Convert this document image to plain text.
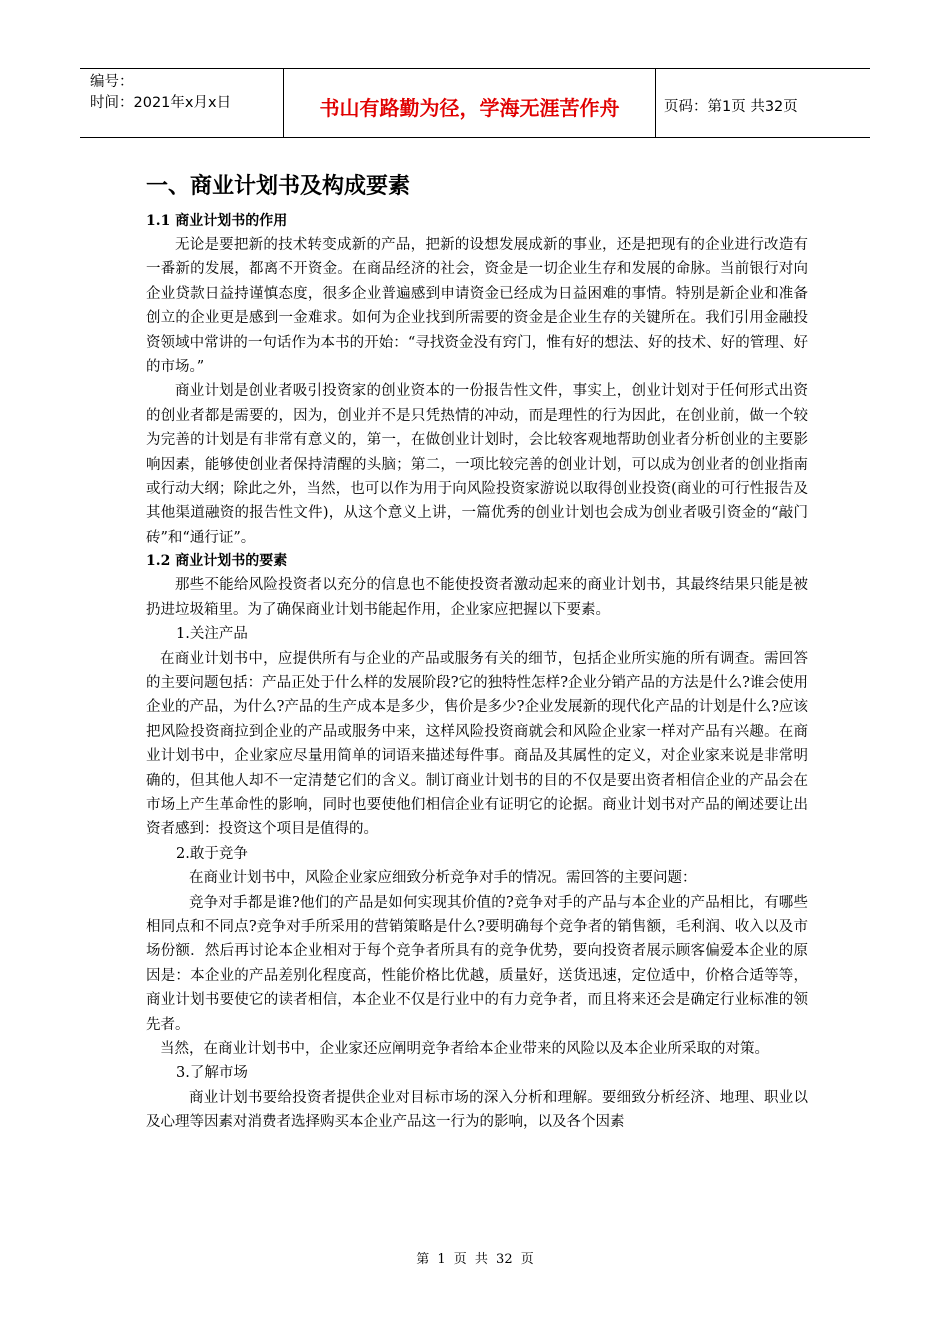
编号：
时间：2021年x月x日	书山有路勤为径，学海无涯苦作舟	页码：第1页 共32页
一、商业计划书及构成要素
1.1 商业计划书的作用

无论是要把新的技术转变成新的产品，把新的设想发展成新的事业，还是把现有的企业进行改造有一番新的发展，都离不开资金。在商品经济的社会，资金是一切企业生存和发展的命脉。当前银行对向企业贷款日益持谨慎态度，很多企业普遍感到申请资金已经成为日益困难的事情。特别是新企业和准备创立的企业更是感到一金难求。如何为企业找到所需要的资金是企业生存的关键所在。我们引用金融投资领域中常讲的一句话作为本书的开始：“寻找资金没有窍门，惟有好的想法、好的技术、好的管理、好的市场。”

商业计划是创业者吸引投资家的创业资本的一份报告性文件，事实上，创业计划对于任何形式出资的创业者都是需要的，因为，创业并不是只凭热情的冲动，而是理性的行为因此，在创业前，做一个较为完善的计划是有非常有意义的，第一，在做创业计划时，会比较客观地帮助创业者分析创业的主要影响因素，能够使创业者保持清醒的头脑；第二，一项比较完善的创业计划，可以成为创业者的创业指南或行动大纲；除此之外，当然，也可以作为用于向风险投资家游说以取得创业投资(商业的可行性报告及其他渠道融资的报告性文件)，从这个意义上讲，一篇优秀的创业计划也会成为创业者吸引资金的“敲门砖”和“通行证”。

1.2 商业计划书的要素

那些不能给风险投资者以充分的信息也不能使投资者激动起来的商业计划书，其最终结果只能是被扔进垃圾箱里。为了确保商业计划书能起作用，企业家应把握以下要素。

1.关注产品

在商业计划书中，应提供所有与企业的产品或服务有关的细节，包括企业所实施的所有调查。需回答的主要问题包括：产品正处于什么样的发展阶段?它的独特性怎样?企业分销产品的方法是什么?谁会使用企业的产品，为什么?产品的生产成本是多少，售价是多少?企业发展新的现代化产品的计划是什么?应该把风险投资商拉到企业的产品或服务中来，这样风险投资商就会和风险企业家一样对产品有兴趣。在商业计划书中，企业家应尽量用简单的词语来描述每件事。商品及其属性的定义，对企业家来说是非常明确的，但其他人却不一定清楚它们的含义。制订商业计划书的目的不仅是要出资者相信企业的产品会在市场上产生革命性的影响，同时也要使他们相信企业有证明它的论据。商业计划书对产品的阐述要让出资者感到：投资这个项目是值得的。

2.敢于竞争

在商业计划书中，风险企业家应细致分析竞争对手的情况。需回答的主要问题：

竞争对手都是谁?他们的产品是如何实现其价值的?竞争对手的产品与本企业的产品相比，有哪些相同点和不同点?竞争对手所采用的营销策略是什么?要明确每个竞争者的销售额，毛利润、收入以及市场份额．然后再讨论本企业相对于每个竞争者所具有的竞争优势，要向投资者展示顾客偏爱本企业的原因是：本企业的产品差别化程度高，性能价格比优越，质量好，送货迅速，定位适中，价格合适等等，商业计划书要使它的读者相信，本企业不仅是行业中的有力竞争者，而且将来还会是确定行业标准的领先者。

当然，在商业计划书中，企业家还应阐明竞争者给本企业带来的风险以及本企业所采取的对策。

3.了解市场

商业计划书要给投资者提供企业对目标市场的深入分析和理解。要细致分析经济、地理、职业以及心理等因素对消费者选择购买本企业产品这一行为的影响，以及各个因素

第 1 页 共 32 页
